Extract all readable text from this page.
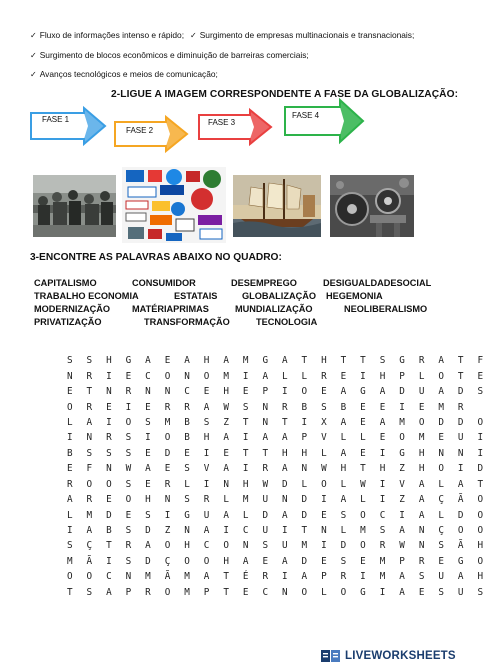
✓ Fluxo de informações intenso e rápido; ✓ Surgimento de empresas multinacionais e transnacionais;
✓ Surgimento de blocos econômicos e diminuição de barreiras comerciais;
✓ Avanços tecnológicos e meios de comunicação;
2-LIGUE A IMAGEM CORRESPONDENTE A FASE DA GLOBALIZAÇÃO:
FASE 1
FASE 2
FASE 3
FASE 4
3-ENCONTRE AS PALAVRAS ABAIXO NO QUADRO:
CAPITALISMO	CONSUMIDOR	DESEMPREGO	DESIGUALDADESOCIAL
TRABALHO ECONOMIA	ESTATAIS	GLOBALIZAÇÃO	HEGEMONIA
MODERNIZAÇÃO	MATÉRIAPRIMAS	MUNDIALIZAÇÃO	NEOLIBERALISMO
PRIVATIZAÇÃO	TRANSFORMAÇÃO	TECNOLOGIA
S	S	H	G	A	E	A	H	A	M	G	A	T	H	T	T	S	G	R	A	T	F
N	R	I	E	C	O	N	O	M	I	A	L	L	R	E	I	H	P	L	O	T	E
E	T	N	R	N	N	C	E	H	E	P	I	O	E	A	G	A	D	U	A	D	S
O	R	E	I	E	R	R	A	W	S	N	R	B	S	B	E	E	I	E	M	R
L	A	I	O	S	M	B	S	Z	T	N	T	I	X	A	E	A	M	O	D	D	O
I	N	R	S	I	O	B	H	A	I	A	A	P	V	L	L	E	O	M	E	U	I
B	S	S	S	E	D	E	I	E	T	T	H	H	L	A	E	I	G	H	N	N	I
E	F	N	W	A	E	S	V	A	I	R	A	N	W	H	T	H	Z	H	O	I	D
R	O	O	S	E	R	L	I	N	H	W	D	L	O	L	W	I	V	A	L	A	T
A	R	E	O	H	N	S	R	L	M	U	N	D	I	A	L	I	Z	A	Ç	Ã	O
L	M	D	E	S	I	G	U	A	L	D	A	D	E	S	O	C	I	A	L	D	O
I	A	B	S	D	Z	N	A	I	C	U	I	T	N	L	M	S	A	N	Ç	O	O
S	Ç	T	R	A	O	H	C	O	N	S	U	M	I	D	O	R	W	N	S	Ã	H
M	Ã	I	S	D	Ç	O	O	H	A	E	A	D	E	S	E	M	P	R	E	G	O
O	O	C	N	M	Ã	M	A	T	É	R	I	A	P	R	I	M	A	S	U	A	H
T	S	A	P	R	O	M	P	T	E	C	N	O	L	O	G	I	A	E	S	U	S
LIVEWORKSHEETS
